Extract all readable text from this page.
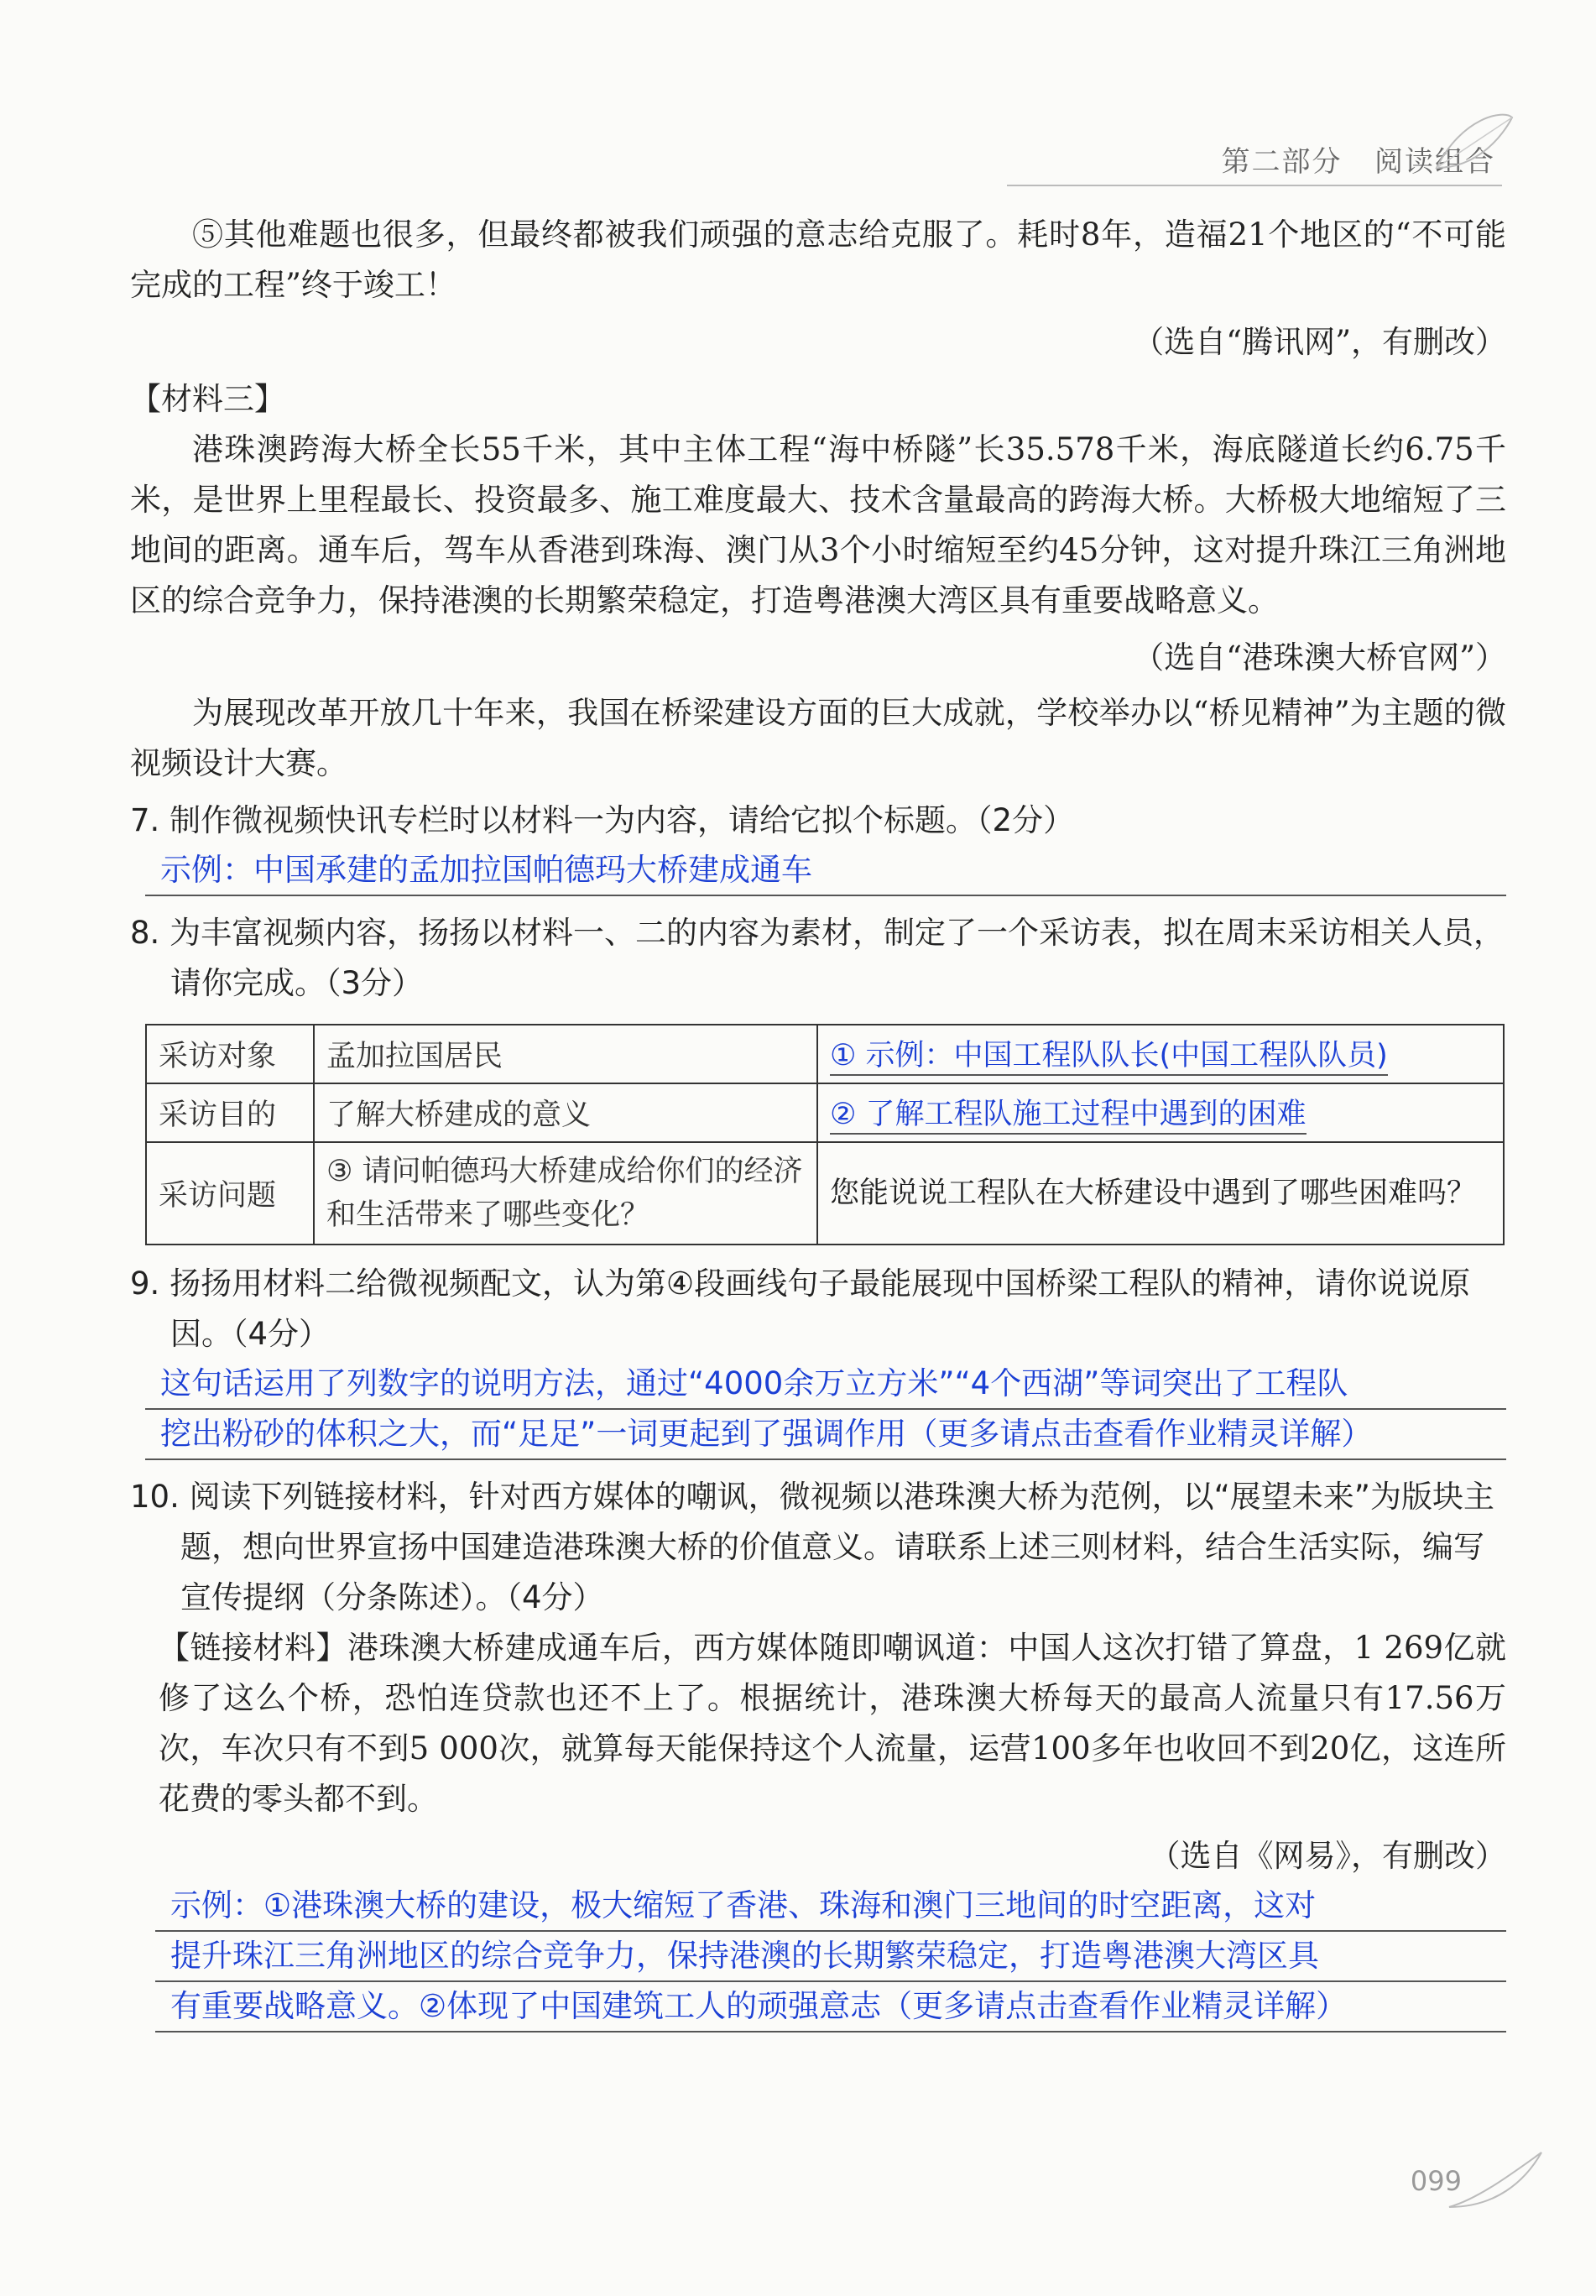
第二部分 阅读组合

⑤其他难题也很多，但最终都被我们顽强的意志给克服了。耗时8年，造福21个地区的“不可能完成的工程”终于竣工！

（选自“腾讯网”，有删改）

【材料三】

港珠澳跨海大桥全长55千米，其中主体工程“海中桥隧”长35.578千米，海底隧道长约6.75千米，是世界上里程最长、投资最多、施工难度最大、技术含量最高的跨海大桥。大桥极大地缩短了三地间的距离。通车后，驾车从香港到珠海、澳门从3个小时缩短至约45分钟，这对提升珠江三角洲地区的综合竞争力，保持港澳的长期繁荣稳定，打造粤港澳大湾区具有重要战略意义。

（选自“港珠澳大桥官网”）

为展现改革开放几十年来，我国在桥梁建设方面的巨大成就，学校举办以“桥见精神”为主题的微视频设计大赛。

7. 制作微视频快讯专栏时以材料一为内容，请给它拟个标题。（2分）

示例：中国承建的孟加拉国帕德玛大桥建成通车

8. 为丰富视频内容，扬扬以材料一、二的内容为素材，制定了一个采访表，拟在周末采访相关人员，请你完成。（3分）

采访对象	孟加拉国居民	① 示例：中国工程队队长(中国工程队队员)
采访目的	了解大桥建成的意义	② 了解工程队施工过程中遇到的困难
采访问题	③ 请问帕德玛大桥建成给你们的经济和生活带来了哪些变化？	您能说说工程队在大桥建设中遇到了哪些困难吗？

9. 扬扬用材料二给微视频配文，认为第④段画线句子最能展现中国桥梁工程队的精神，请你说说原因。（4分）

这句话运用了列数字的说明方法，通过“4000余万立方米”“4个西湖”等词突出了工程队

挖出粉砂的体积之大，而“足足”一词更起到了强调作用（更多请点击查看作业精灵详解）

10. 阅读下列链接材料，针对西方媒体的嘲讽，微视频以港珠澳大桥为范例，以“展望未来”为版块主题，想向世界宣扬中国建造港珠澳大桥的价值意义。请联系上述三则材料，结合生活实际，编写宣传提纲（分条陈述）。（4分）

【链接材料】港珠澳大桥建成通车后，西方媒体随即嘲讽道：中国人这次打错了算盘，1 269亿就修了这么个桥，恐怕连贷款也还不上了。根据统计，港珠澳大桥每天的最高人流量只有17.56万次，车次只有不到5 000次，就算每天能保持这个人流量，运营100多年也收回不到20亿，这连所花费的零头都不到。

（选自《网易》，有删改）

示例：①港珠澳大桥的建设，极大缩短了香港、珠海和澳门三地间的时空距离，这对

提升珠江三角洲地区的综合竞争力，保持港澳的长期繁荣稳定，打造粤港澳大湾区具

有重要战略意义。②体现了中国建筑工人的顽强意志（更多请点击查看作业精灵详解）

099
